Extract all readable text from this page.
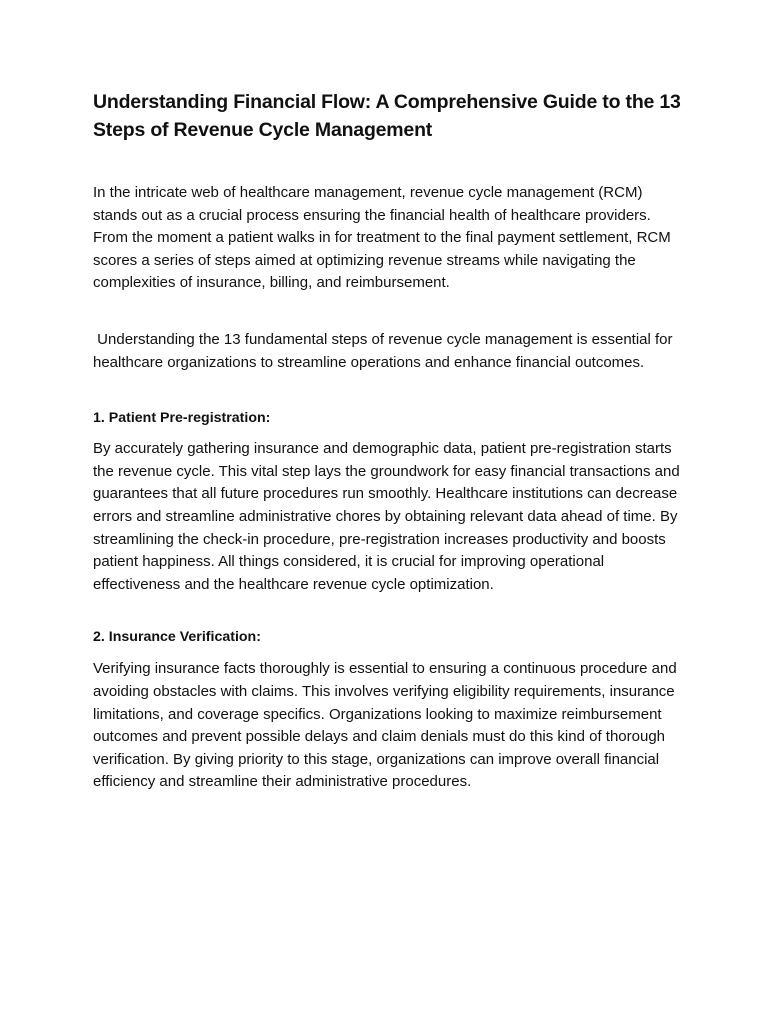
Understanding Financial Flow: A Comprehensive Guide to the 13 Steps of Revenue Cycle Management

In the intricate web of healthcare management, revenue cycle management (RCM) stands out as a crucial process ensuring the financial health of healthcare providers. From the moment a patient walks in for treatment to the final payment settlement, RCM scores a series of steps aimed at optimizing revenue streams while navigating the complexities of insurance, billing, and reimbursement.

Understanding the 13 fundamental steps of revenue cycle management is essential for healthcare organizations to streamline operations and enhance financial outcomes.

1. Patient Pre-registration:

By accurately gathering insurance and demographic data, patient pre-registration starts the revenue cycle. This vital step lays the groundwork for easy financial transactions and guarantees that all future procedures run smoothly. Healthcare institutions can decrease errors and streamline administrative chores by obtaining relevant data ahead of time. By streamlining the check-in procedure, pre-registration increases productivity and boosts patient happiness. All things considered, it is crucial for improving operational effectiveness and the healthcare revenue cycle optimization.

2. Insurance Verification:

Verifying insurance facts thoroughly is essential to ensuring a continuous procedure and avoiding obstacles with claims. This involves verifying eligibility requirements, insurance limitations, and coverage specifics. Organizations looking to maximize reimbursement outcomes and prevent possible delays and claim denials must do this kind of thorough verification. By giving priority to this stage, organizations can improve overall financial efficiency and streamline their administrative procedures.
